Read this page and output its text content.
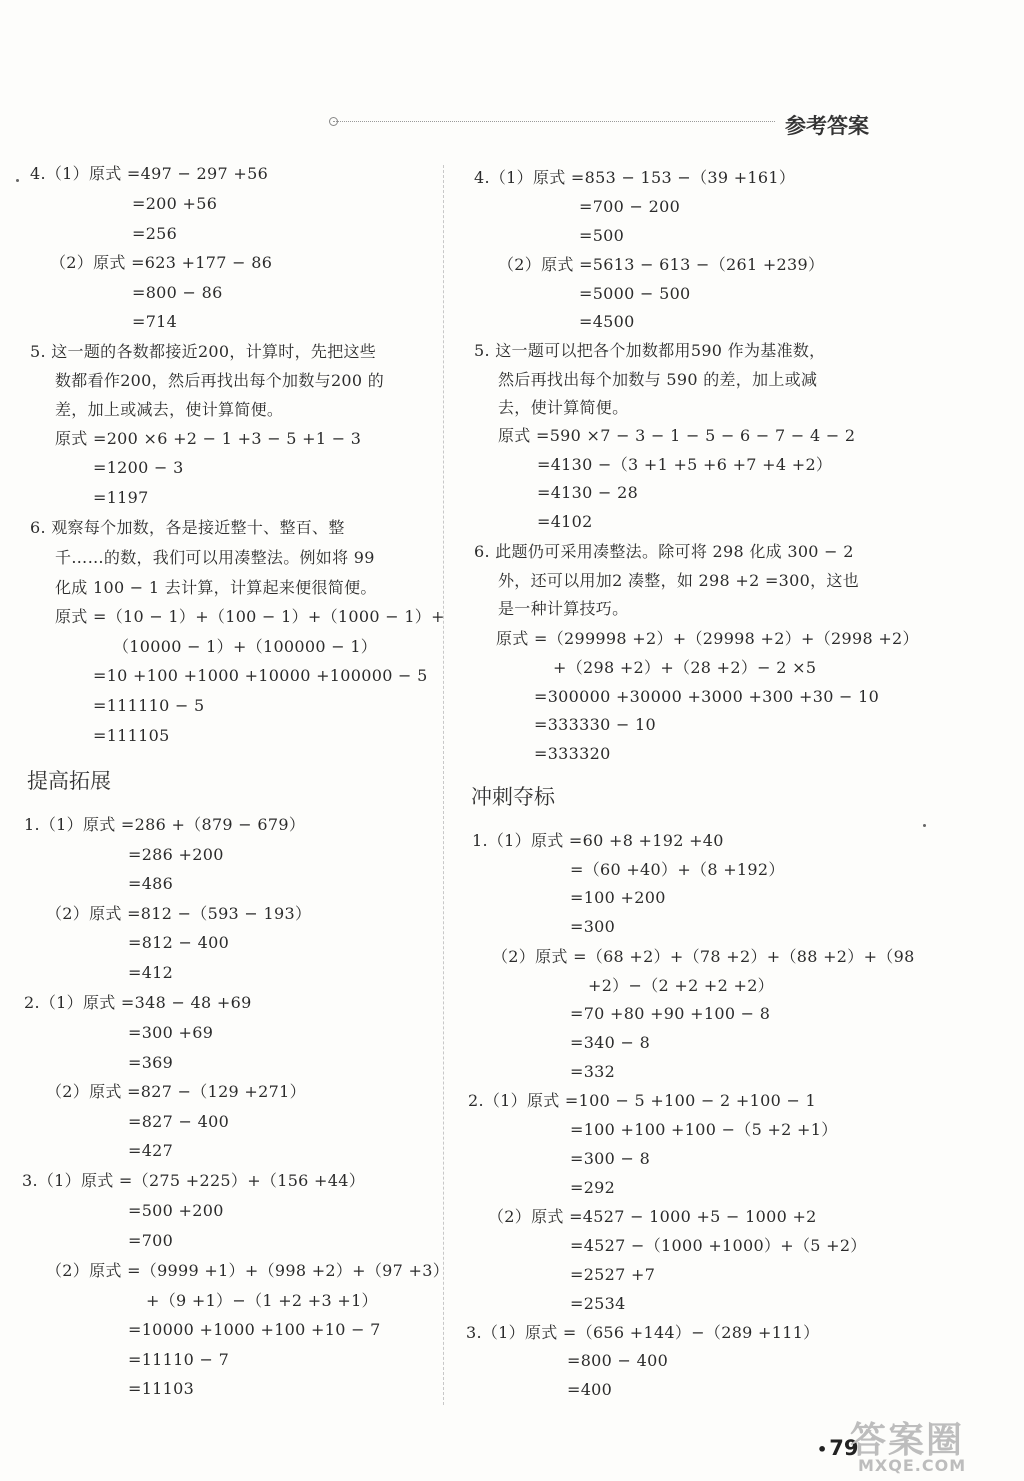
参考答案
4.（1）原式 =497 − 297 +56
=200 +56
=256
（2）原式 =623 +177 − 86
=800 − 86
=714
5. 这一题的各数都接近200，计算时，先把这些
数都看作200，然后再找出每个加数与200 的
差，加上或减去，使计算简便。
原式 =200 ×6 +2 − 1 +3 − 5 +1 − 3
=1200 − 3
=1197
6. 观察每个加数，各是接近整十、整百、整
千……的数，我们可以用凑整法。例如将 99
化成 100 − 1 去计算，计算起来便很简便。
原式 =（10 − 1）+（100 − 1）+（1000 − 1）+
（10000 − 1）+（100000 − 1）
=10 +100 +1000 +10000 +100000 − 5
=111110 − 5
=111105
提高拓展
1.（1）原式 =286 +（879 − 679）
=286 +200
=486
（2）原式 =812 −（593 − 193）
=812 − 400
=412
2.（1）原式 =348 − 48 +69
=300 +69
=369
（2）原式 =827 −（129 +271）
=827 − 400
=427
3.（1）原式 =（275 +225）+（156 +44）
=500 +200
=700
（2）原式 =（9999 +1）+（998 +2）+（97 +3）
+（9 +1）−（1 +2 +3 +1）
=10000 +1000 +100 +10 − 7
=11110 − 7
=11103
4.（1）原式 =853 − 153 −（39 +161）
=700 − 200
=500
（2）原式 =5613 − 613 −（261 +239）
=5000 − 500
=4500
5. 这一题可以把各个加数都用590 作为基准数，
然后再找出每个加数与 590 的差，加上或减
去，使计算简便。
原式 =590 ×7 − 3 − 1 − 5 − 6 − 7 − 4 − 2
=4130 −（3 +1 +5 +6 +7 +4 +2）
=4130 − 28
=4102
6. 此题仍可采用凑整法。除可将 298 化成 300 − 2
外，还可以用加2 凑整，如 298 +2 =300，这也
是一种计算技巧。
原式 =（299998 +2）+（29998 +2）+（2998 +2）
+（298 +2）+（28 +2）− 2 ×5
=300000 +30000 +3000 +300 +30 − 10
=333330 − 10
=333320
冲刺夺标
1.（1）原式 =60 +8 +192 +40
=（60 +40）+（8 +192）
=100 +200
=300
（2）原式 =（68 +2）+（78 +2）+（88 +2）+（98
+2）−（2 +2 +2 +2）
=70 +80 +90 +100 − 8
=340 − 8
=332
2.（1）原式 =100 − 5 +100 − 2 +100 − 1
=100 +100 +100 −（5 +2 +1）
=300 − 8
=292
（2）原式 =4527 − 1000 +5 − 1000 +2
=4527 −（1000 +1000）+（5 +2）
=2527 +7
=2534
3.（1）原式 =（656 +144）−（289 +111）
=800 − 400
=400
•79
答案圈
MXQE.COM
